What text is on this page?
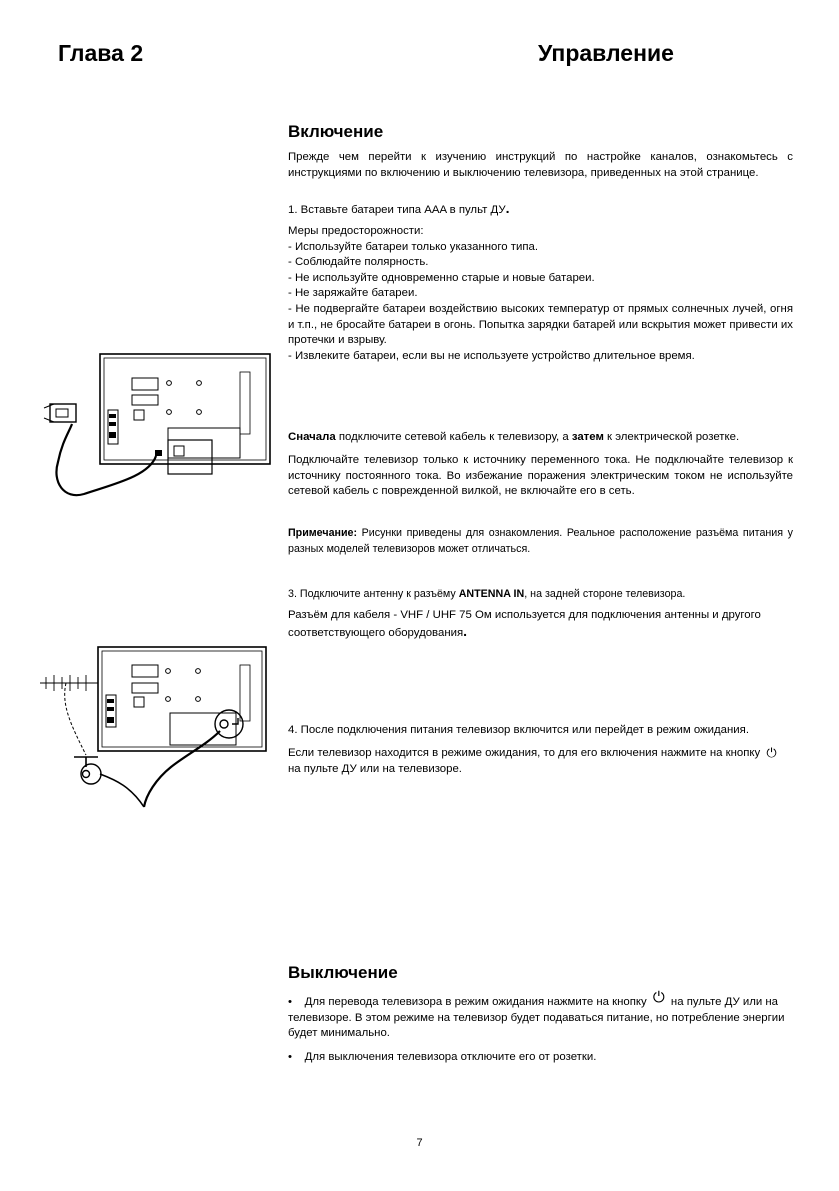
Глава 2	Управление
Включение

Прежде чем перейти к изучению инструкций по настройке каналов, ознакомьтесь с инструкциями по включению и выключению телевизора, приведенных на этой странице.

1. Вставьте батареи типа AAA в пульт ДУ.

Меры предосторожности:

- Используйте батареи только указанного типа.

- Соблюдайте полярность.

- Не используйте одновременно старые и новые батареи.

- Не заряжайте батареи.

- Не подвергайте батареи воздействию высоких температур от прямых солнечных лучей, огня и т.п., не бросайте батареи в огонь. Попытка зарядки батарей или вскрытия может привести их протечки и взрыву.

- Извлеките батареи, если вы не используете устройство длительное время.

Сначала подключите сетевой кабель к телевизору, а затем к электрической розетке.

Подключайте телевизор только к источнику переменного тока. Не подключайте телевизор к источнику постоянного тока. Во избежание поражения электрическим током не используйте сетевой кабель с поврежденной вилкой, не включайте его в сеть.

Примечание: Рисунки приведены для ознакомления. Реальное расположение разъёма питания у разных моделей телевизоров может отличаться.
3. Подключите антенну к разъёму ANTENNA IN, на задней стороне телевизора.
Разъём для кабеля - VHF / UHF 75 Ом используется для подключения антенны и другого соответствующего оборудования.
4. После подключения питания телевизор включится или перейдет в режим ожидания.
Если телевизор находится в режиме ожидания, то для его включения нажмите на кнопку ⏻ на пульте ДУ или на телевизоре.
Выключение
• Для перевода телевизора в режим ожидания нажмите на кнопку ⏻ на пульте ДУ или на телевизоре. В этом режиме на телевизор будет подаваться питание, но потребление энергии будет минимально.
• Для выключения телевизора отключите его от розетки.
7
